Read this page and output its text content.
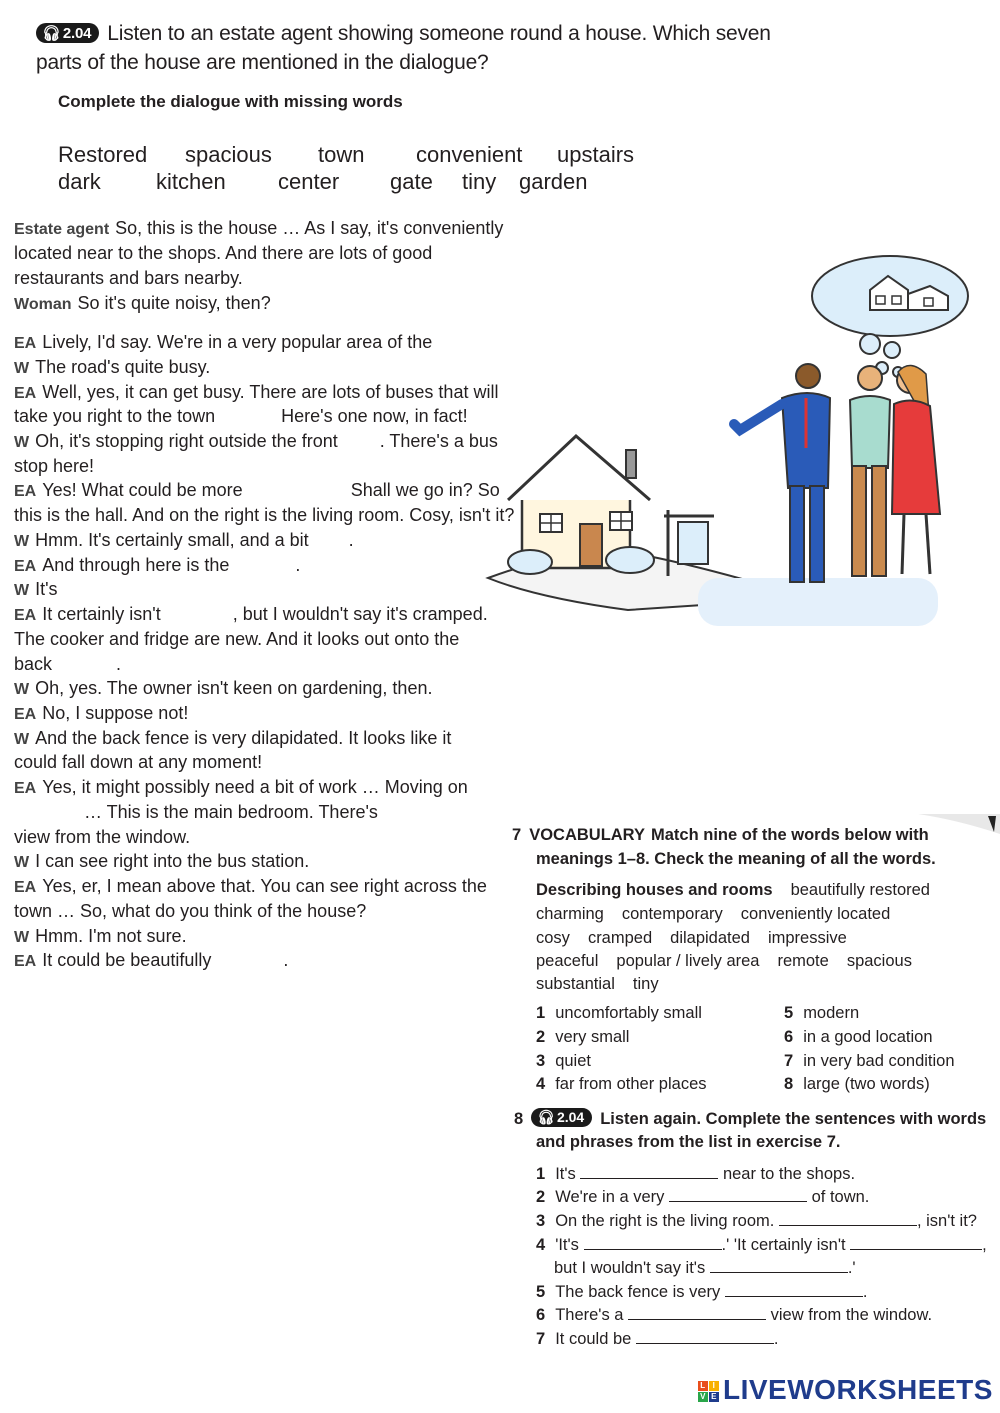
🎧︎ 2.04 Listen to an estate agent showing someone round a house. Which seven
parts of the house are mentioned in the dialogue?
Complete the dialogue with missing words
Restored spacious town convenient upstairs
dark	kitchen center gate tiny garden
Estate agent So, this is the house … As I say, it's conveniently
located near to the shops. And there are lots of good
restaurants and bars nearby.
Woman So it's quite noisy, then?
EA Lively, I'd say. We're in a very popular area of the
W The road's quite busy.
EA Well, yes, it can get busy. There are lots of buses that will
take you right to the town	Here's one now, in fact!
W Oh, it's stopping right outside the front . There's a bus
stop here!
EA Yes! What could be more	Shall we go in? So
this is the hall. And on the right is the living room. Cosy, isn't it?
W Hmm. It's certainly small, and a bit .
EA And through here is the	.
W It's
EA It certainly isn't	, but I wouldn't say it's cramped.
The cooker and fridge are new. And it looks out onto the
back	.
W Oh, yes. The owner isn't keen on gardening, then.
EA No, I suppose not!
W And the back fence is very dilapidated. It looks like it
could fall down at any moment!
EA Yes, it might possibly need a bit of work … Moving on
… This is the main bedroom. There's
view from the window.
W I can see right into the bus station.
EA Yes, er, I mean above that. You can see right across the
town … So, what do you think of the house?
W Hmm. I'm not sure.
EA It could be beautifully	.
7 VOCABULARY Match nine of the words below with
meanings 1–8. Check the meaning of all the words.
Describing houses and rooms beautifully restored
charming contemporary conveniently located
cosy cramped dilapidated impressive
peaceful popular / lively area remote spacious
substantial tiny
1 uncomfortably small
2 very small
3 quiet
4 far from other places
5 modern
6 in a good location
7 in very bad condition
8 large (two words)
8 🎧︎ 2.04 Listen again. Complete the sentences with words
and phrases from the list in exercise 7.
1 It's	near to the shops.
2 We're in a very	of town.
3 On the right is the living room.	, isn't it?
4 'It's	.' 'It certainly isn't	,
but I wouldn't say it's	.'
5 The back fence is very	.
6 There's a	view from the window.
7 It could be	.
L I
V E LIVEWORKSHEETS
